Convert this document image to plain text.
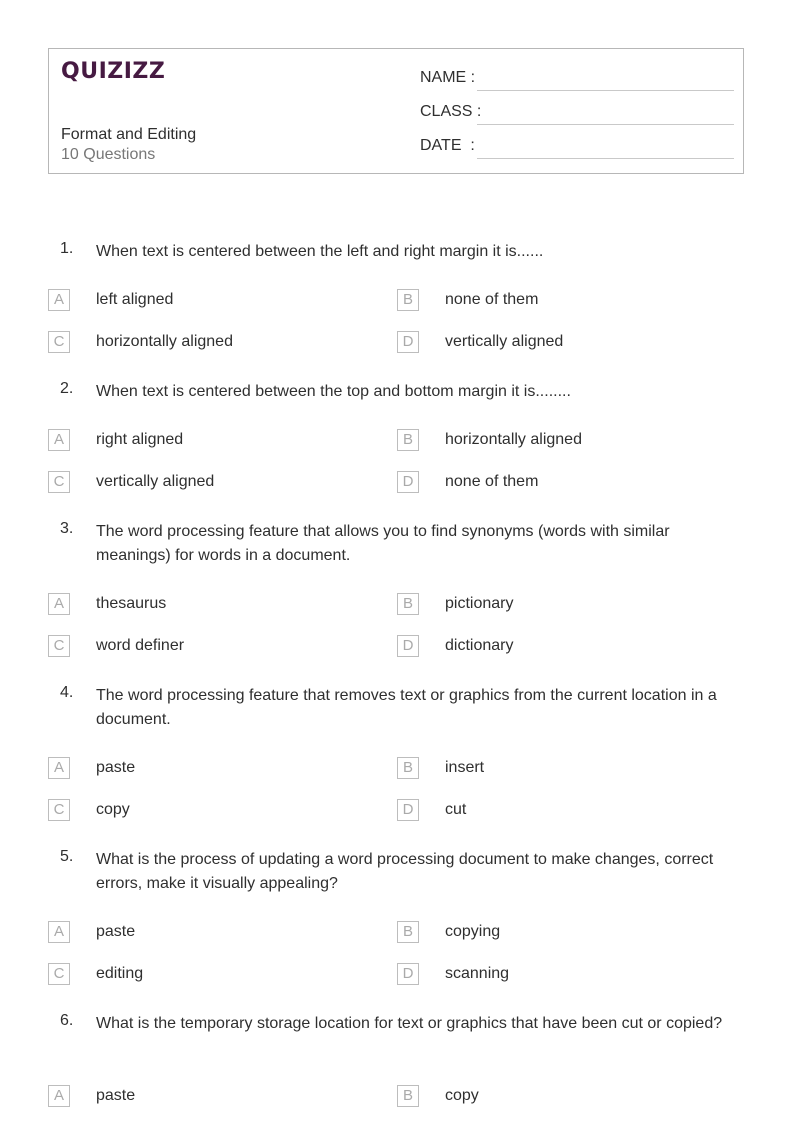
QUIZIZZ
Format and Editing
10 Questions
NAME :
CLASS :
DATE  :
1. When text is centered between the left and right margin it is......
A	left aligned	B	none of them
C	horizontally aligned	D	vertically aligned
2. When text is centered between the top and bottom margin it is........
A	right aligned	B	horizontally aligned
C	vertically aligned	D	none of them
3. The word processing feature that allows you to find synonyms (words with similar meanings) for words in a document.
A	thesaurus	B	pictionary
C	word definer	D	dictionary
4. The word processing feature that removes text or graphics from the current location in a document.
A	paste	B	insert
C	copy	D	cut
5. What is the process of updating a word processing document to make changes, correct errors, make it visually appealing?
A	paste	B	copying
C	editing	D	scanning
6. What is the temporary storage location for text or graphics that have been cut or copied?
A	paste	B	copy
